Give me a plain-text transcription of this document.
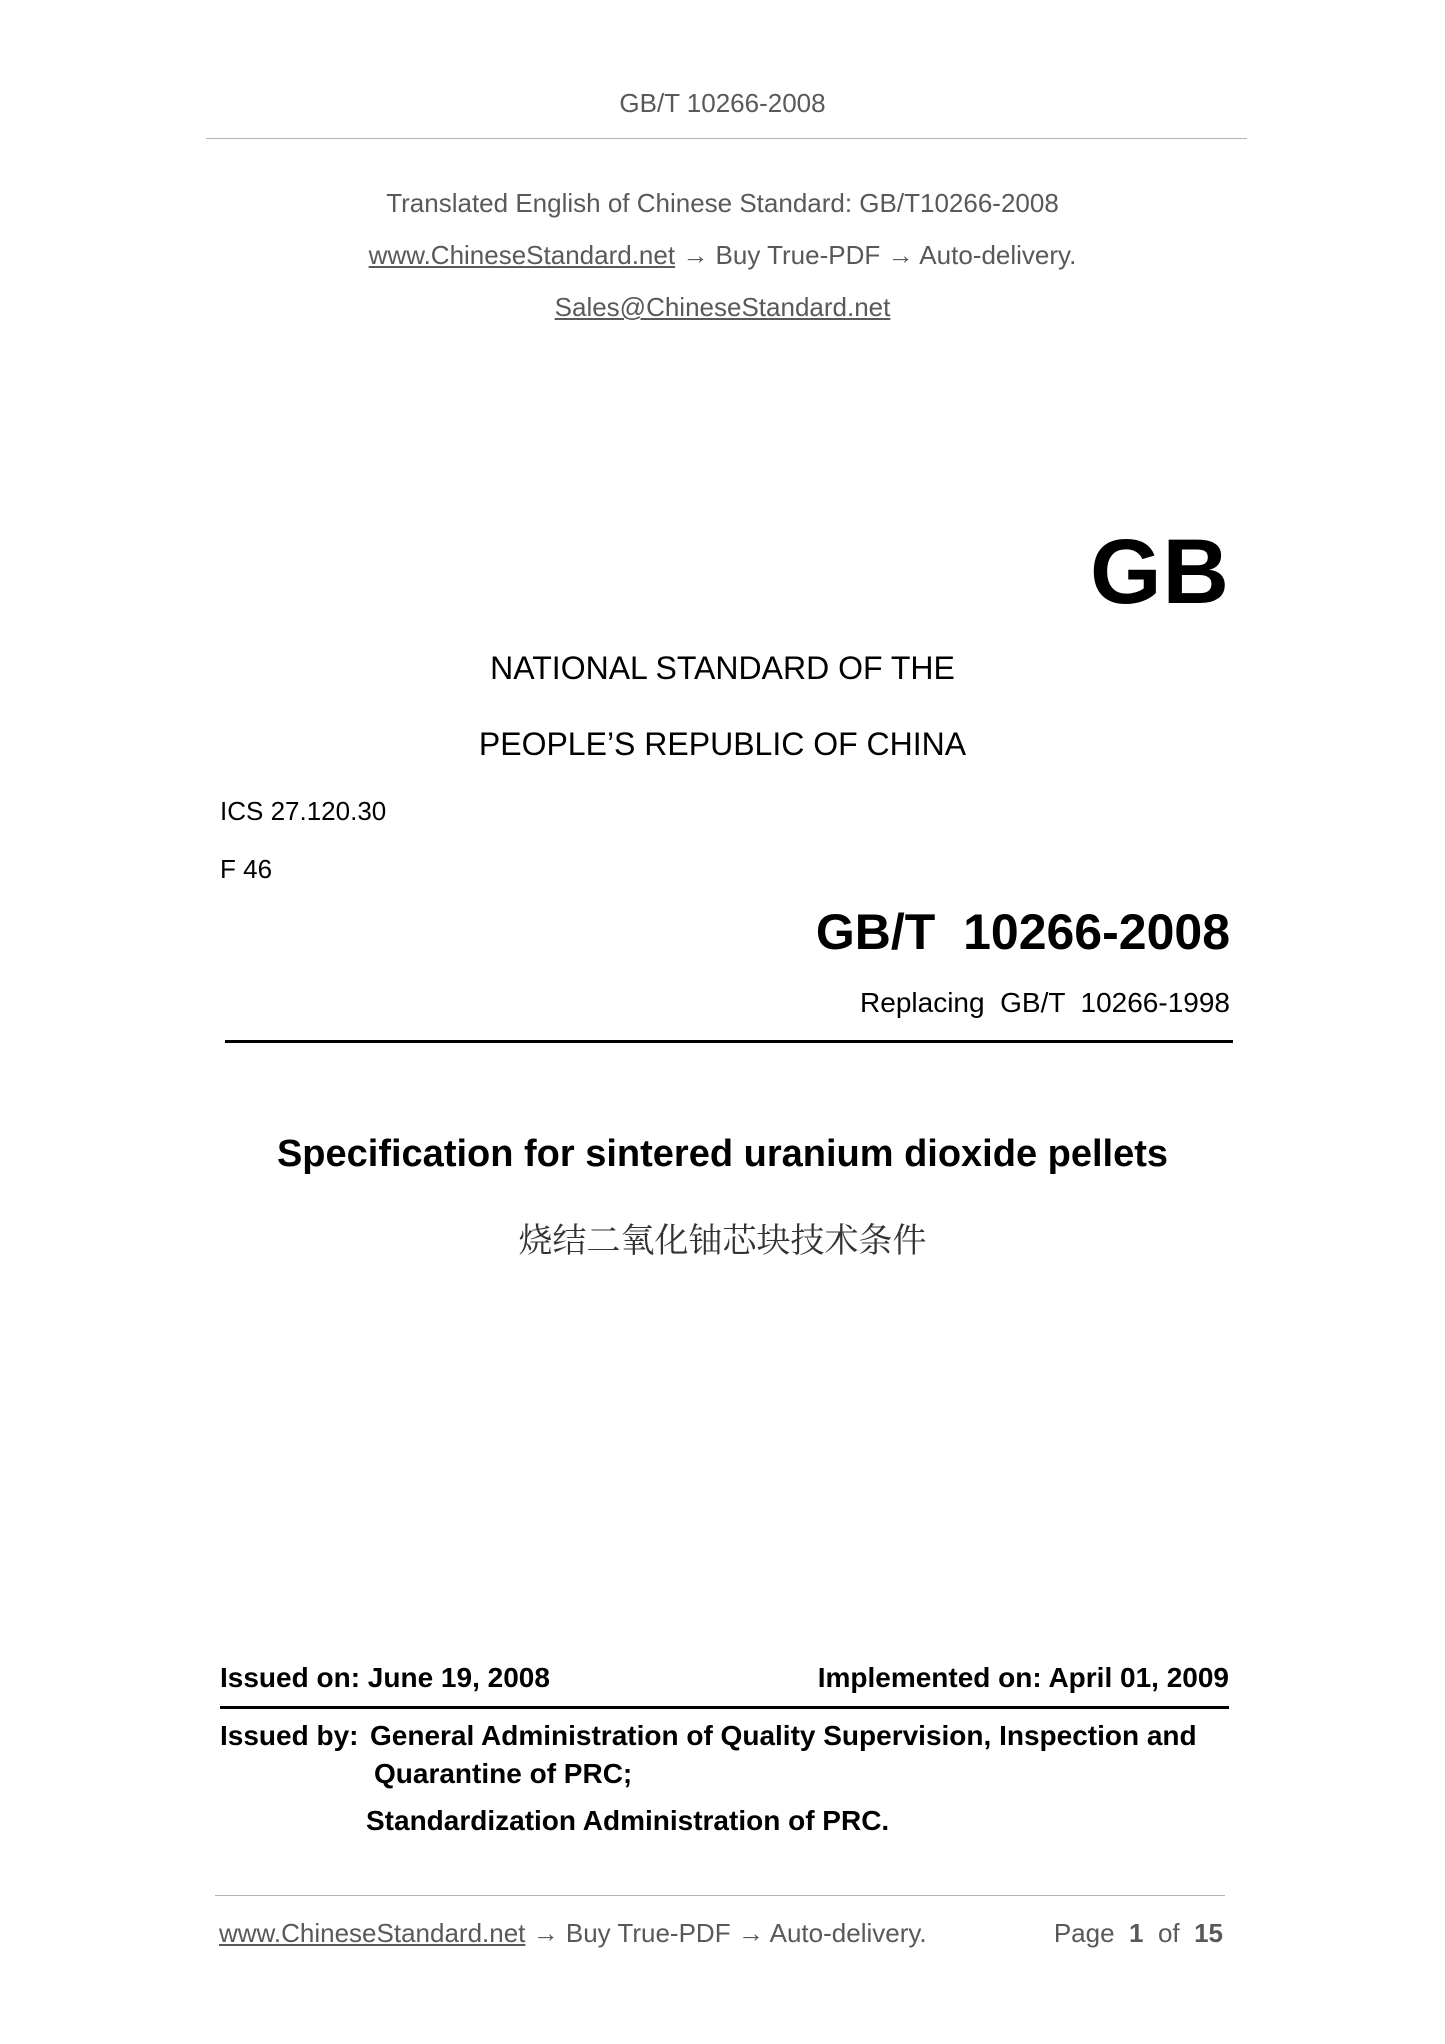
GB/T 10266-2008
Translated English of Chinese Standard: GB/T10266-2008
www.ChineseStandard.net → Buy True-PDF → Auto-delivery.
Sales@ChineseStandard.net
GB
NATIONAL STANDARD OF THE
PEOPLE’S REPUBLIC OF CHINA
ICS 27.120.30
F 46
GB/T  10266-2008
Replacing  GB/T  10266-1998
Specification for sintered uranium dioxide pellets
烧结二氧化铀芯块技术条件
Issued on: June 19, 2008	Implemented on: April 01, 2009
Issued by: General Administration of Quality Supervision, Inspection and
Quarantine of PRC;
Standardization Administration of PRC.
www.ChineseStandard.net → Buy True-PDF → Auto-delivery.	Page 1 of 15
